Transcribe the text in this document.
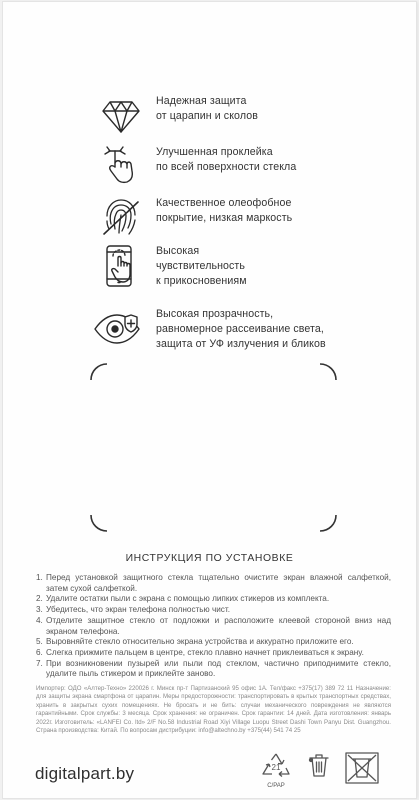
Надежная защита
от царапин и сколов
Улучшенная проклейка
по всей поверхности стекла
Качественное олеофобное
покрытие, низкая маркость
Высокая
чувствительность
к прикосновениям
Высокая прозрачность,
равномерное рассеивание света,
защита от УФ излучения и бликов
ИНСТРУКЦИЯ ПО УСТАНОВКЕ
1. Перед установкой защитного стекла тщательно очистите экран влажной салфеткой, затем сухой салфеткой.
2. Удалите остатки пыли с экрана с помощью липких стикеров из комплекта.
3. Убедитесь, что экран телефона полностью чист.
4. Отделите защитное стекло от подложки и расположите клеевой стороной вниз над экраном телефона.
5. Выровняйте стекло относительно экрана устройства и аккуратно приложите его.
6. Слегка прижмите пальцем в центре, стекло плавно начнет приклеиваться к экрану.
7. При возникновении пузырей или пыли под стеклом, частично приподнимите стекло, удалите пыль стикером и приклейте заново.
Импортер: ОДО «Алтер-Техно» 220026 г. Минск пр-т Партизанский 95 офис 1А. Тел/факс +375(17) 389 72 11 Назначение: для защиты экрана смартфона от царапин. Меры предосторожности: транспортировать в крытых транспортных средствах, хранить в закрытых сухих помещениях. Не бросать и не бить: случаи механического повреждения не являются гарантийными. Срок службы: 3 месяца. Срок хранения: не ограничен. Срок гарантии: 14 дней. Дата изготовления: январь 2022г. Изготовитель: «LANFEI Co. ltd» 2/F No.58 Industrial Road Xiyi Village Luopu Street Dashi Town Panyu Dist. Guangzhou. Страна производства: Китай. По вопросам дистрибуции: info@altechno.by +375(44) 541 74 25
digitalpart.by	21
C/PAP
